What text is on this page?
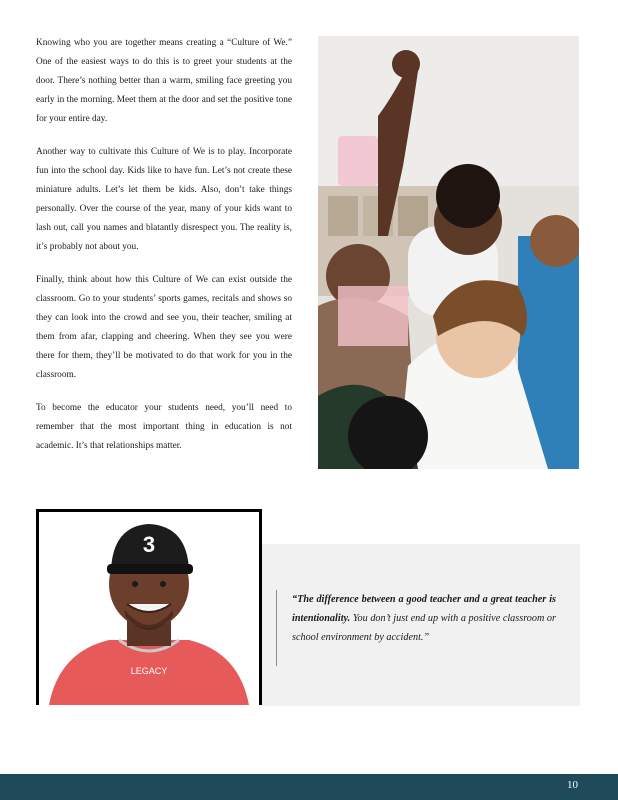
Knowing who you are together means creating a “Culture of We.” One of the easiest ways to do this is to greet your students at the door. There’s nothing better than a warm, smiling face greeting you early in the morning. Meet them at the door and set the positive tone for your entire day.

Another way to cultivate this Culture of We is to play. Incorporate fun into the school day. Kids like to have fun. Let’s not create these miniature adults. Let’s let them be kids. Also, don’t take things personally. Over the course of the year, many of your kids want to lash out, call you names and blatantly disrespect you. The reality is, it’s probably not about you.

Finally, think about how this Culture of We can exist outside the classroom. Go to your students’ sports games, recitals and shows so they can look into the crowd and see you, their teacher, smiling at them from afar, clapping and cheering. When they see you were there for them, they’ll be motivated to do that work for you in the classroom.

To become the educator your students need, you’ll need to remember that the most important thing in education is not academic. It’s that relationships matter.

3
LEGACY
“The difference between a good teacher and a great teacher is intentionality. You don’t just end up with a positive classroom or school environment by accident.”
10
